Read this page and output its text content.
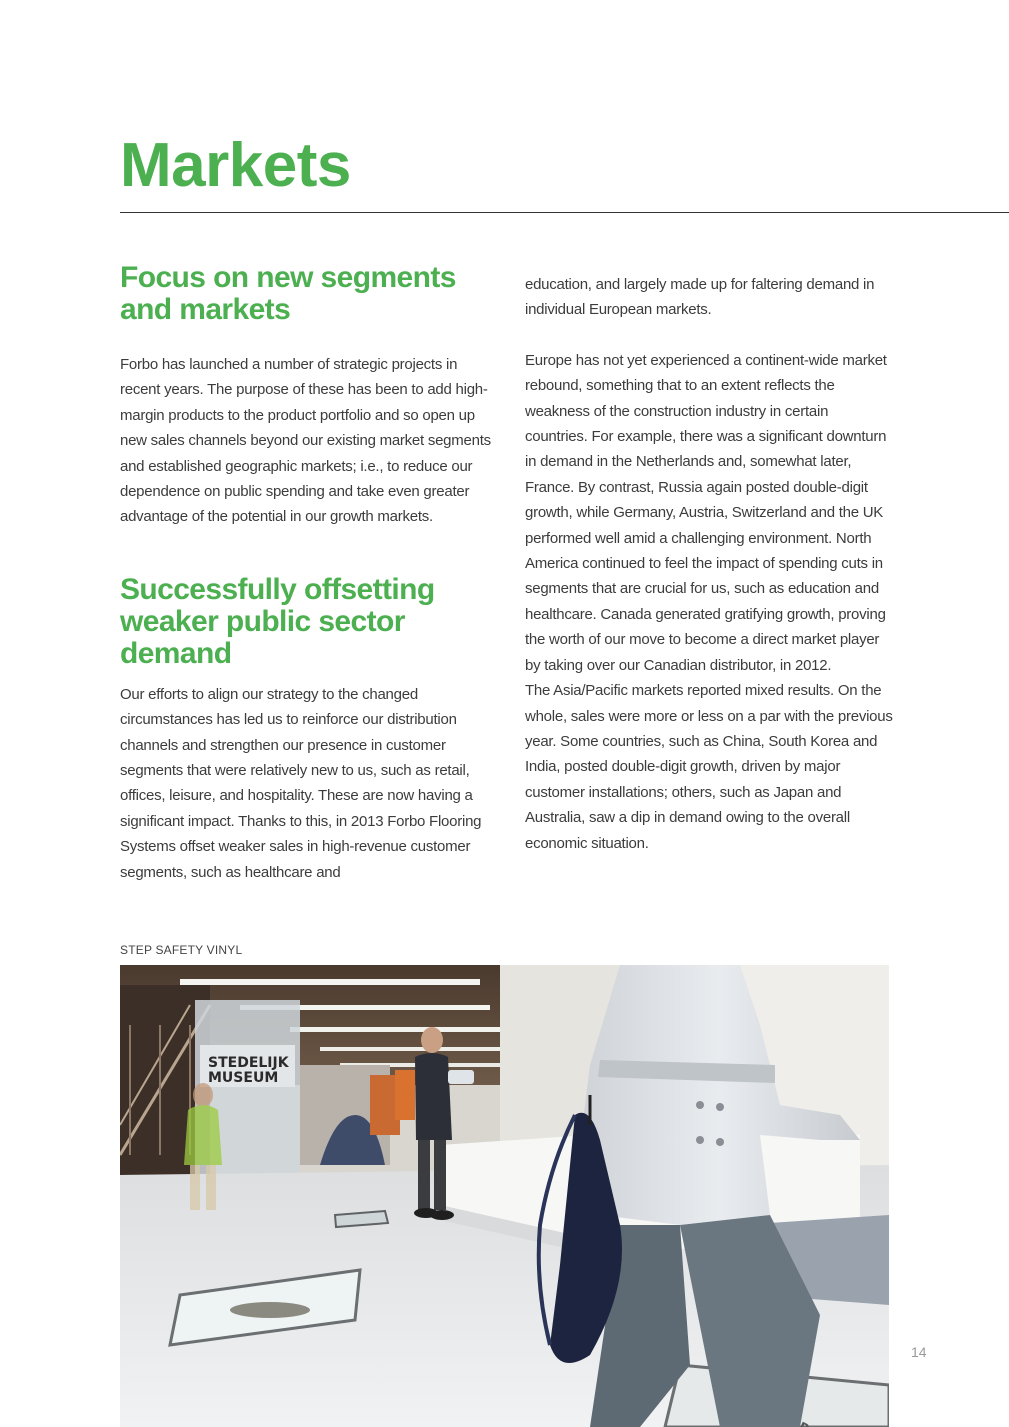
Markets
Focus on new segments
and markets

Forbo has launched a number of strategic projects in recent years. The purpose of these has been to add high-margin products to the product portfolio and so open up new sales channels beyond our existing market segments and established geographic markets; i.e., to reduce our dependence on public spending and take even greater advantage of the potential in our growth markets.

Successfully offsetting
weaker public sector
demand

Our efforts to align our strategy to the changed circumstances has led us to reinforce our distribution channels and strengthen our presence in customer segments that were relatively new to us, such as retail, offices, leisure, and hospitality. These are now having a significant impact. Thanks to this, in 2013 Forbo Flooring Systems offset weaker sales in high-revenue customer segments, such as healthcare and

education, and largely made up for faltering demand in individual European markets.

Europe has not yet experienced a continent-wide market rebound, something that to an extent reflects the weakness of the construction industry in certain countries. For example, there was a significant downturn in demand in the Netherlands and, somewhat later, France. By contrast, Russia again posted double-digit growth, while Germany, Austria, Switzerland and the UK performed well amid a challenging environment. North America continued to feel the impact of spending cuts in segments that are crucial for us, such as education and healthcare. Canada generated gratifying growth, proving the worth of our move to become a direct market player by taking over our Canadian distributor, in 2012.

The Asia/Pacific markets reported mixed results. On the whole, sales were more or less on a par with the previous year. Some countries, such as China, South Korea and India, posted double-digit growth, driven by major customer installations; others, such as Japan and Australia, saw a dip in demand owing to the overall economic situation.

STEP SAFETY VINYL

STEDELIJK
MUSEUM
14
